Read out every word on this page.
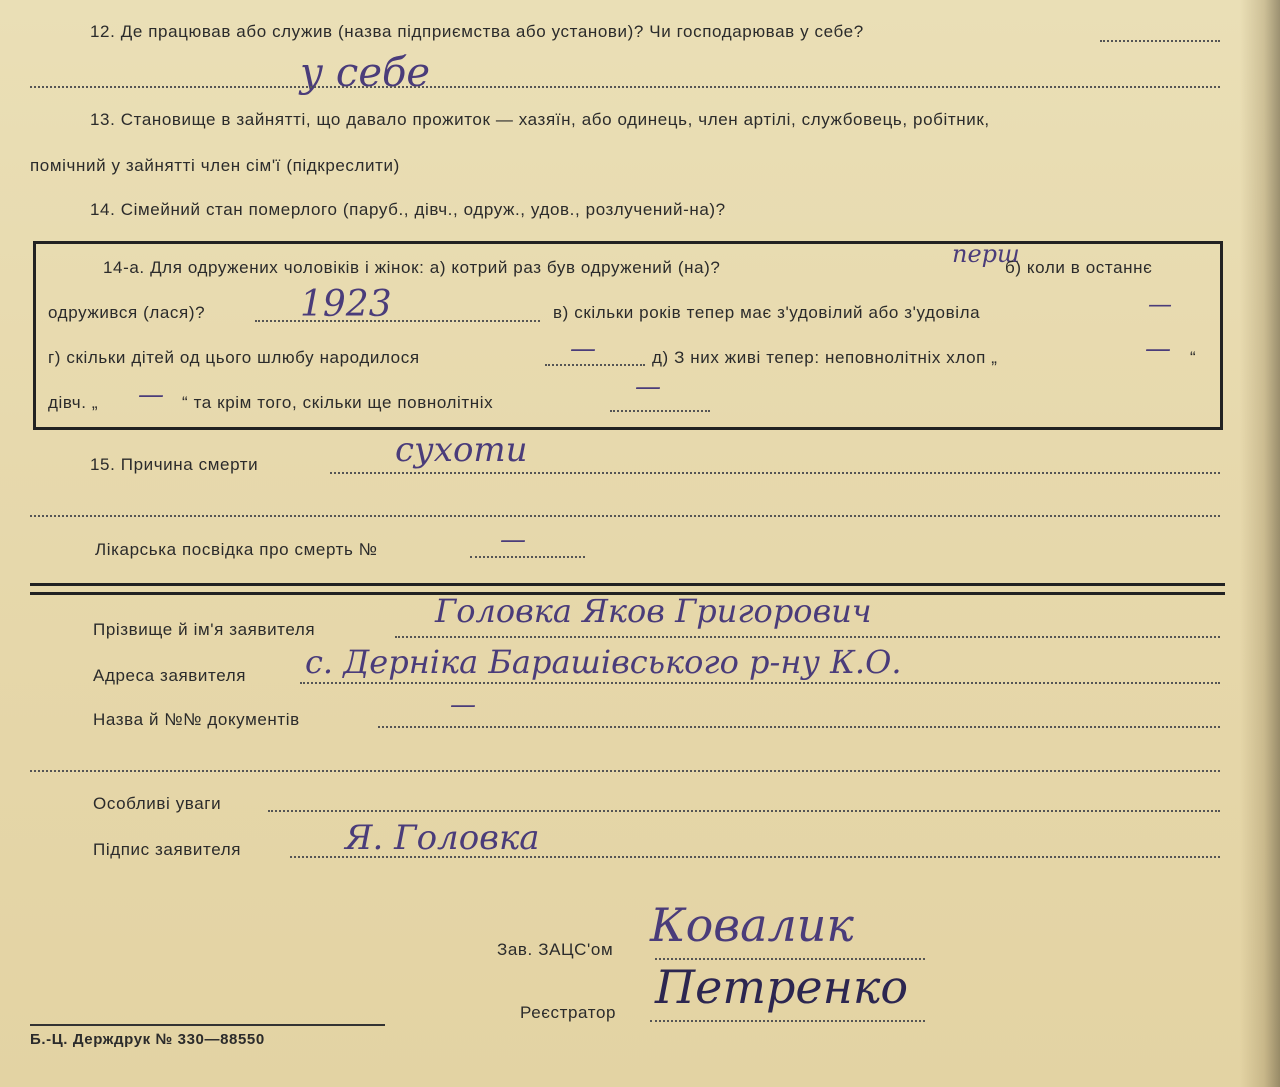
12. Де працював або служив (назва підприємства або установи)? Чи господарював у себе?
у себе
13. Становище в зайнятті, що давало прожиток — хазяїн, або одинець, член артілі, службовець, робітник,
помічний у зайнятті член сім'ї (підкреслити)
14. Сімейний стан померлого (паруб., дівч., одруж., удов., розлучений-на)?
14-а. Для одружених чоловіків і жінок: а) котрий раз був одружений (на)?	перш
б) коли в останнє
одружився (лася)?	1923	в) скільки років тепер має з'удовілий або з'удовіла	—
г) скільки дітей од цього шлюбу народилося	—	д) З них живі тепер: неповнолітніх хлоп „	— “
дівч. „ — “ та крім того, скільки ще повнолітніх
—
15. Причина смерти	сухоти
Лікарська посвідка про смерть №	—
Прізвище й ім'я заявителя	Головка Яков Григорович
Адреса заявителя с. Дерніка Барашівського р-ну К.О.
Назва й №№ документів	—
Особливі уваги
Підпис заявителя	Я. Головка
Зав. ЗАЦС'ом Ковалик
Реєстратор Петренко
Б.-Ц. Держдрук № 330—88550
